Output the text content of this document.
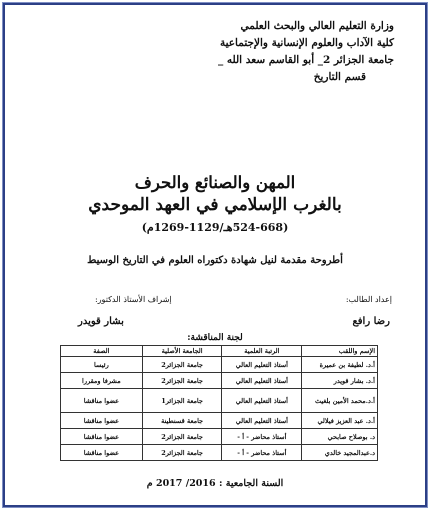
وزارة التعليم العالي والبحث العلمي
كلية الآداب والعلوم الإنسانية والإجتماعية
جامعة الجزائر 2_ أبو القاسم سعد الله _
قسم التاريخ
المهن والصنائع والحرف
بالغرب الإسلامي في العهد الموحدي
(524-668هـ/1129-1269م)
أطروحة مقدمة لنيل شهادة دكتوراه العلوم في التاريخ الوسيط
إعداد الطالب:
رضا رافع
إشراف الأستاذ الدكتور:
بشار قويدر
لجنة المناقشة:
الإسم واللقب	الرتبة العلمية	الجامعة الأصلية	الصفة
أ.د. لطيفة بن عميرة	أستاذ التعليم العالي	جامعة الجزائر2	رئيسا
أ.د. بشار قويدر	أستاذ التعليم العالي	جامعة الجزائر2	مشرفا ومقررا
أ.د.محمد الأمين بلغيث	أستاذ التعليم العالي	جامعة الجزائر1	عضوا مناقشا
أ.د. عبد العزيز فيلالي	أستاذ التعليم العالي	جامعة قسنطينة	عضوا مناقشا
د. بوصلاح صابحي	أستاذ محاضر - أ -	جامعة الجزائر2	عضوا مناقشا
د.عبدالمجيد خالدي	أستاذ محاضر - أ -	جامعة الجزائر2	عضوا مناقشا
السنة الجامعية : 2016/ 2017 م
